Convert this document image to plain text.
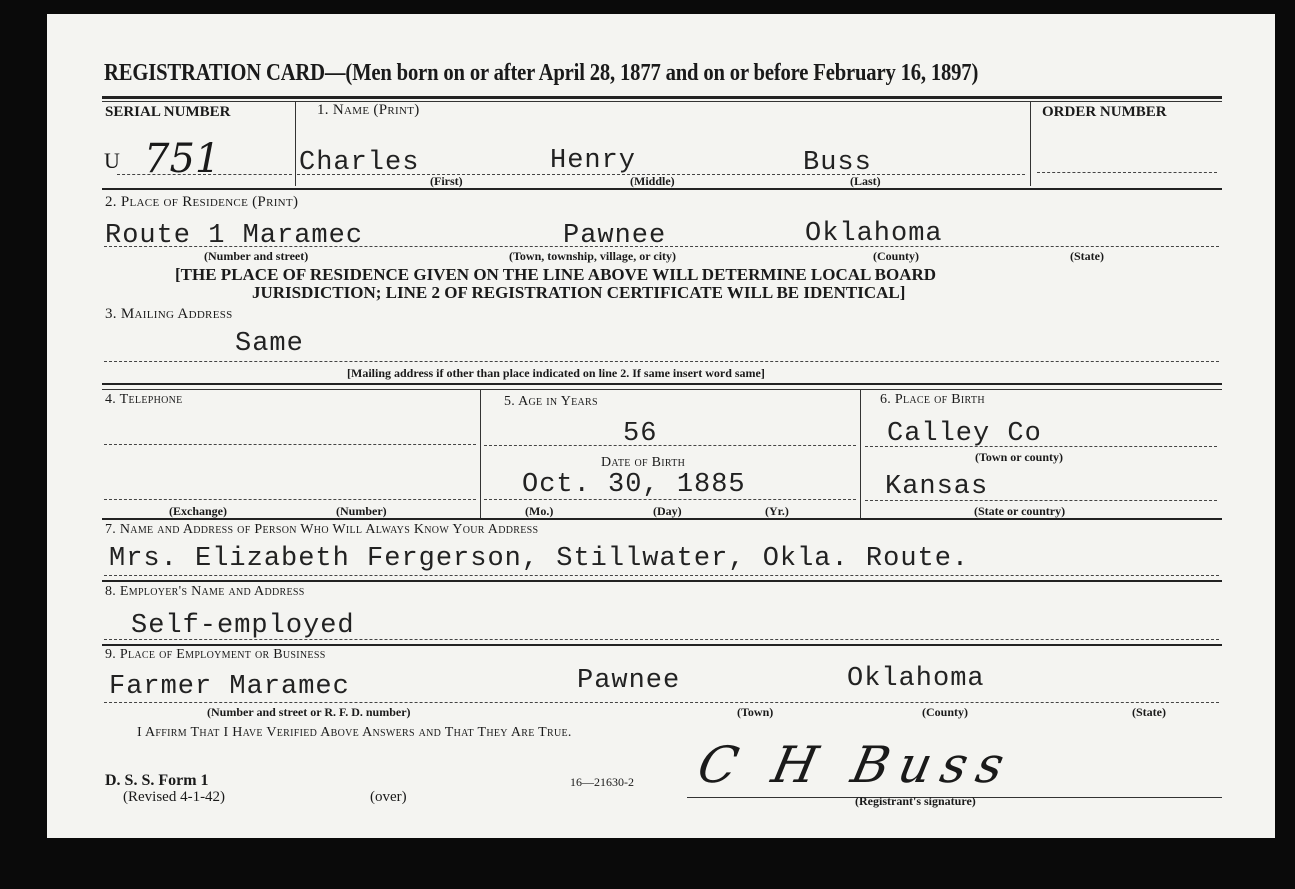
REGISTRATION CARD—(Men born on or after April 28, 1877 and on or before February 16, 1897)
SERIAL NUMBER	1. Name (Print)	ORDER NUMBER
U 751	Charles	Henry	Buss
(First)	(Middle)	(Last)
2. Place of Residence (Print)
Route 1 Maramec	Pawnee	Oklahoma
(Number and street)	(Town, township, village, or city)	(County)	(State)
[THE PLACE OF RESIDENCE GIVEN ON THE LINE ABOVE WILL DETERMINE LOCAL BOARD
JURISDICTION; LINE 2 OF REGISTRATION CERTIFICATE WILL BE IDENTICAL]
3. Mailing Address
Same
[Mailing address if other than place indicated on line 2. If same insert word same]
4. Telephone
(Exchange)	(Number)
5. Age in Years
56
Date of Birth
Oct. 30, 1885
(Mo.)	(Day)	(Yr.)
6. Place of Birth
Calley Co
(Town or county)
Kansas
(State or country)
7. Name and Address of Person Who Will Always Know Your Address
Mrs. Elizabeth Fergerson, Stillwater, Okla. Route.
8. Employer's Name and Address
Self-employed
9. Place of Employment or Business
Farmer Maramec	Pawnee	Oklahoma
(Number and street or R. F. D. number)	(Town)	(County)	(State)
I Affirm That I Have Verified Above Answers and That They Are True.
D. S. S. Form 1
(Revised 4-1-42)	(over)
16—21630-2 C H Buss
(Registrant's signature)
